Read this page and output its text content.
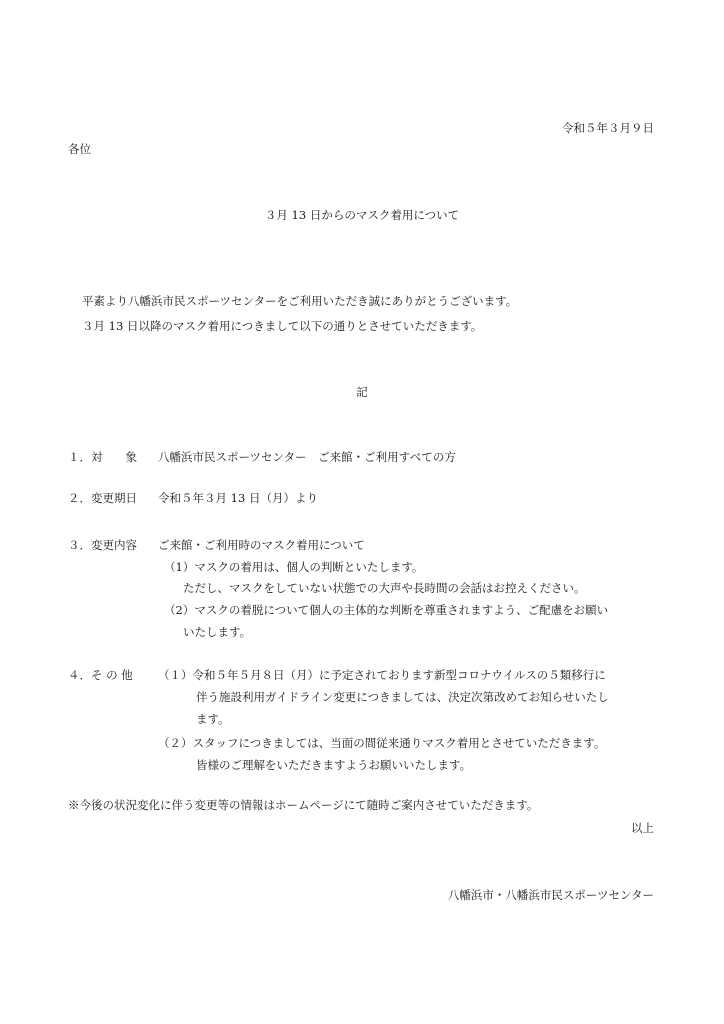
令和５年３月９日

各位

３月 13 日からのマスク着用について

平素より八幡浜市民スポーツセンターをご利用いただき誠にありがとうございます。

３月 13 日以降のマスク着用につきまして以下の通りとさせていただきます。

記

１．対　　象 八幡浜市民スポーツセンター　ご来館・ご利用すべての方

２．変更期日 令和５年３月 13 日（月）より

３．変更内容 ご来館・ご利用時のマスク着用について

（1）マスクの着用は、個人の判断といたします。

ただし、マスクをしていない状態での大声や長時間の会話はお控えください。

（2）マスクの着脱について個人の主体的な判断を尊重されますよう、ご配慮をお願い

いたします。

４．そ の 他 （１）令和５年５月８日（月）に予定されております新型コロナウイルスの５類移行に

伴う施設利用ガイドライン変更につきましては、決定次第改めてお知らせいたし

ます。

（２）スタッフにつきましては、当面の間従来通りマスク着用とさせていただきます。

皆様のご理解をいただきますようお願いいたします。

※今後の状況変化に伴う変更等の情報はホームページにて随時ご案内させていただきます。

以上

八幡浜市・八幡浜市民スポーツセンター
